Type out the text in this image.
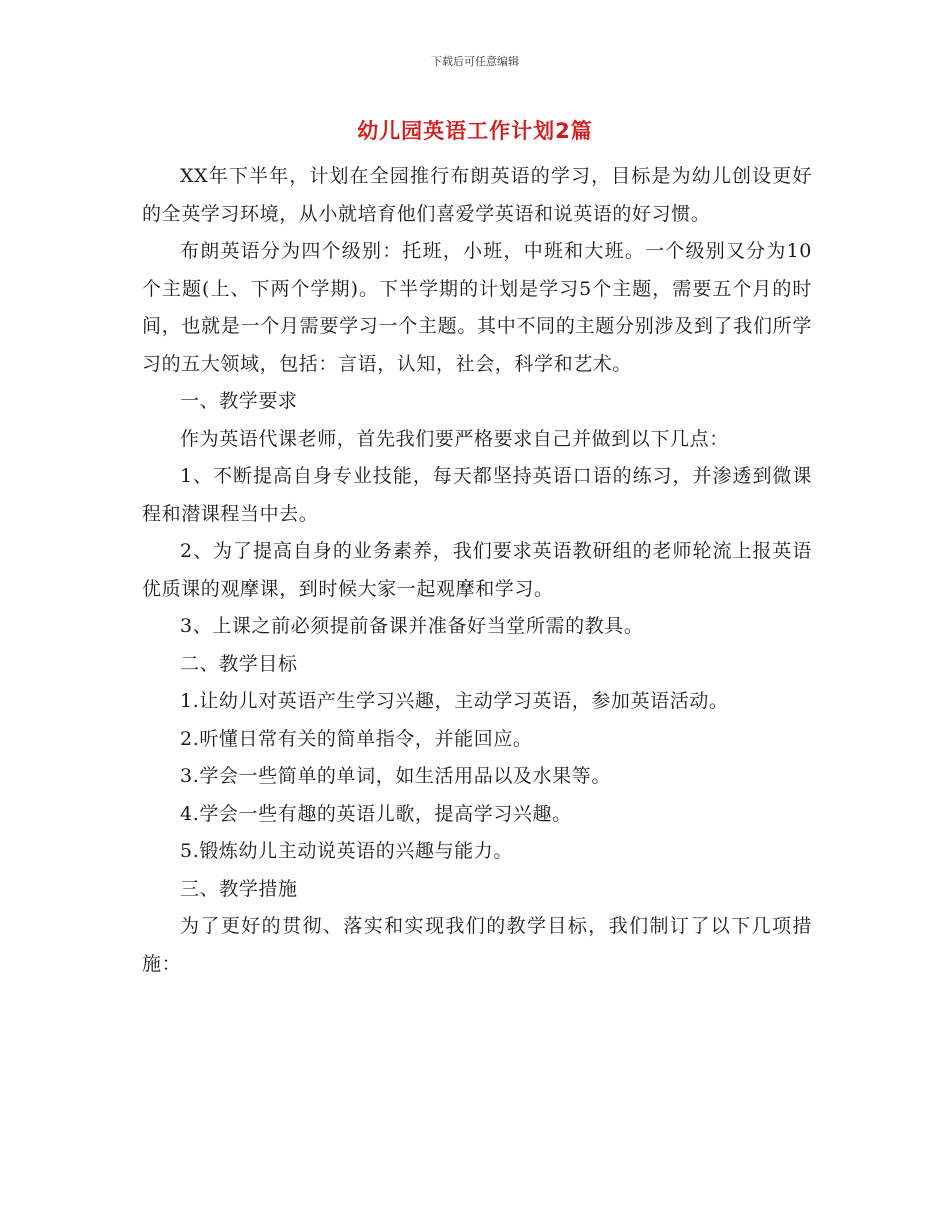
下载后可任意编辑
幼儿园英语工作计划2篇

XX年下半年，计划在全园推行布朗英语的学习，目标是为幼儿创设更好的全英学习环境，从小就培育他们喜爱学英语和说英语的好习惯。

布朗英语分为四个级别：托班，小班，中班和大班。一个级别又分为10个主题(上、下两个学期)。下半学期的计划是学习5个主题，需要五个月的时间，也就是一个月需要学习一个主题。其中不同的主题分别涉及到了我们所学习的五大领域，包括：言语，认知，社会，科学和艺术。

一、教学要求

作为英语代课老师，首先我们要严格要求自己并做到以下几点：

1、不断提高自身专业技能，每天都坚持英语口语的练习，并渗透到微课程和潜课程当中去。

2、为了提高自身的业务素养，我们要求英语教研组的老师轮流上报英语优质课的观摩课，到时候大家一起观摩和学习。

3、上课之前必须提前备课并准备好当堂所需的教具。

二、教学目标

1.让幼儿对英语产生学习兴趣，主动学习英语，参加英语活动。

2.听懂日常有关的简单指令，并能回应。

3.学会一些简单的单词，如生活用品以及水果等。

4.学会一些有趣的英语儿歌，提高学习兴趣。

5.锻炼幼儿主动说英语的兴趣与能力。

三、教学措施

为了更好的贯彻、落实和实现我们的教学目标，我们制订了以下几项措施：
